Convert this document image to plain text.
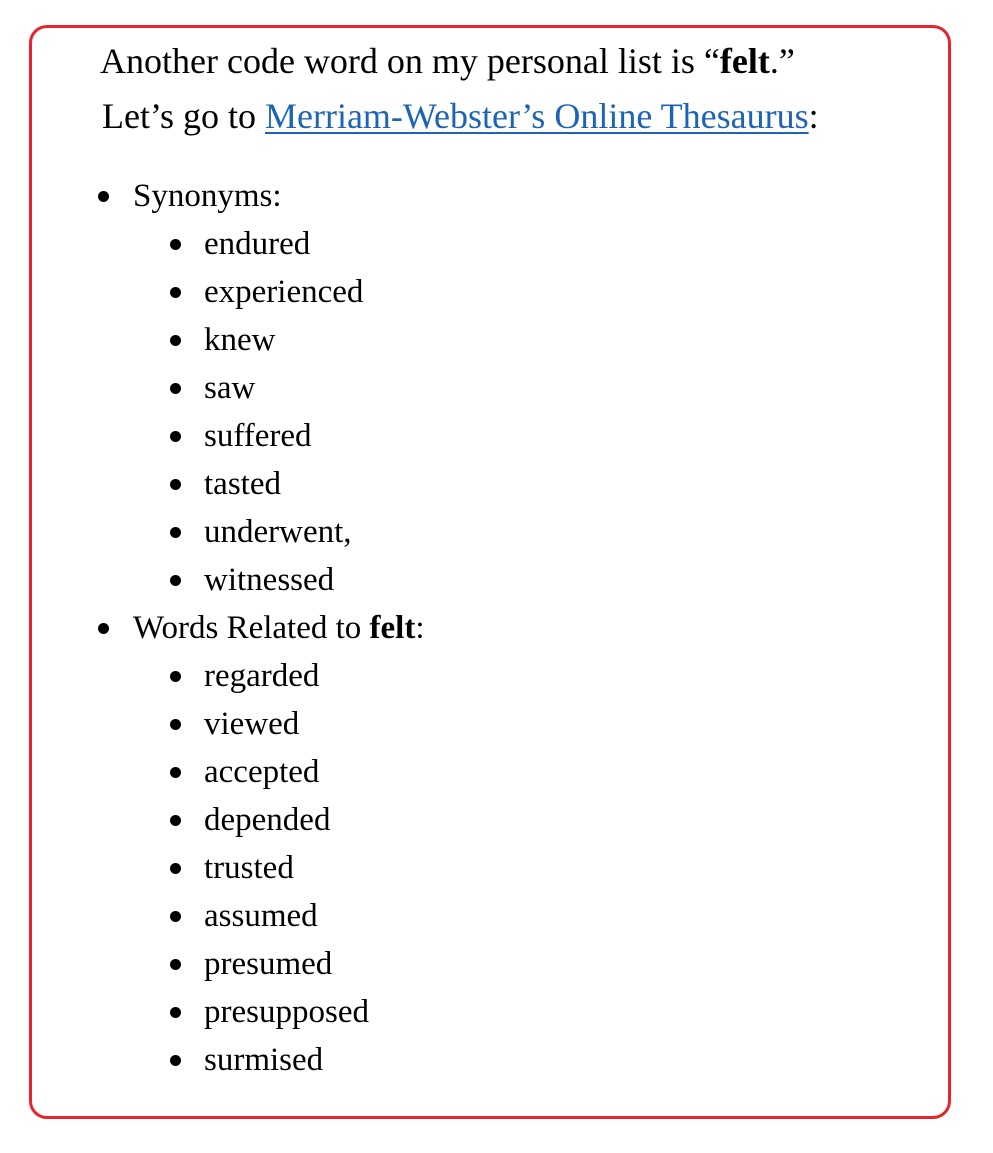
Another code word on my personal list is “felt.”
Let’s go to Merriam-Webster’s Online Thesaurus:
Synonyms:
endured
experienced
knew
saw
suffered
tasted
underwent,
witnessed
Words Related to felt:
regarded
viewed
accepted
depended
trusted
assumed
presumed
presupposed
surmised
